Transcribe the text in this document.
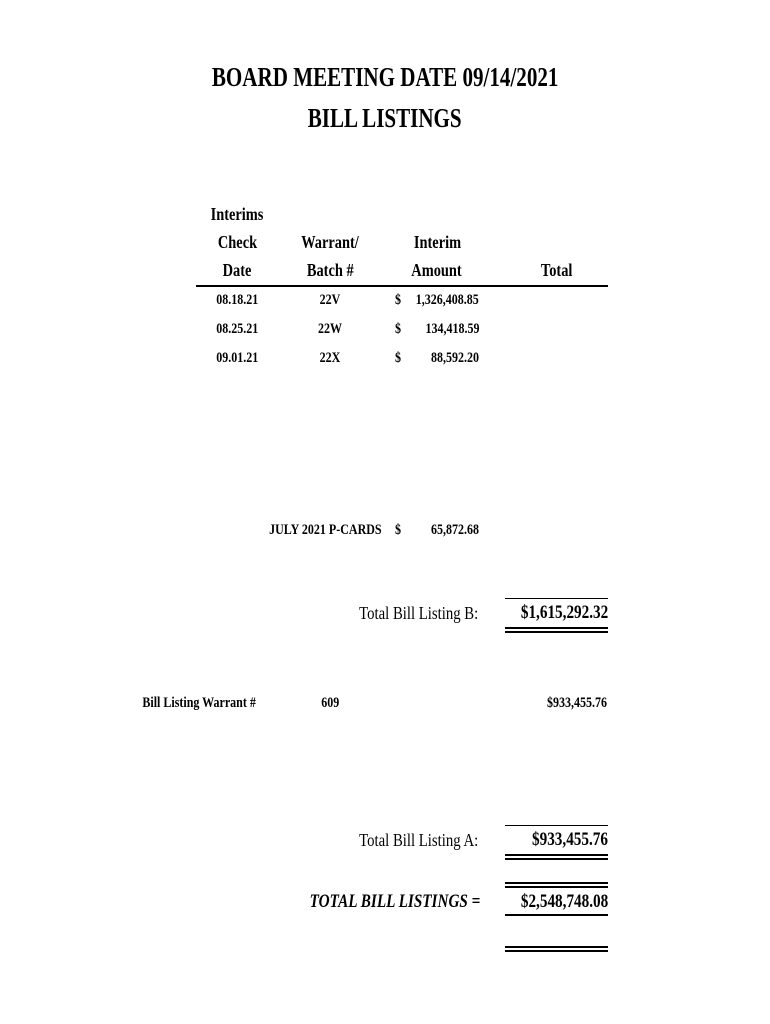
BOARD MEETING DATE 09/14/2021
BILL LISTINGS
Interims
Check
Date
Warrant/
Batch #
Interim
Amount	Total
08.18.21	22V	$	1,326,408.85
08.25.21	22W	$	134,418.59
09.01.21	22X	$	88,592.20
JULY 2021 P-CARDS $	65,872.68
Total Bill Listing B:	$1,615,292.32
Bill Listing Warrant #	609	$933,455.76
Total Bill Listing A:	$933,455.76
TOTAL BILL LISTINGS =	$2,548,748.08
